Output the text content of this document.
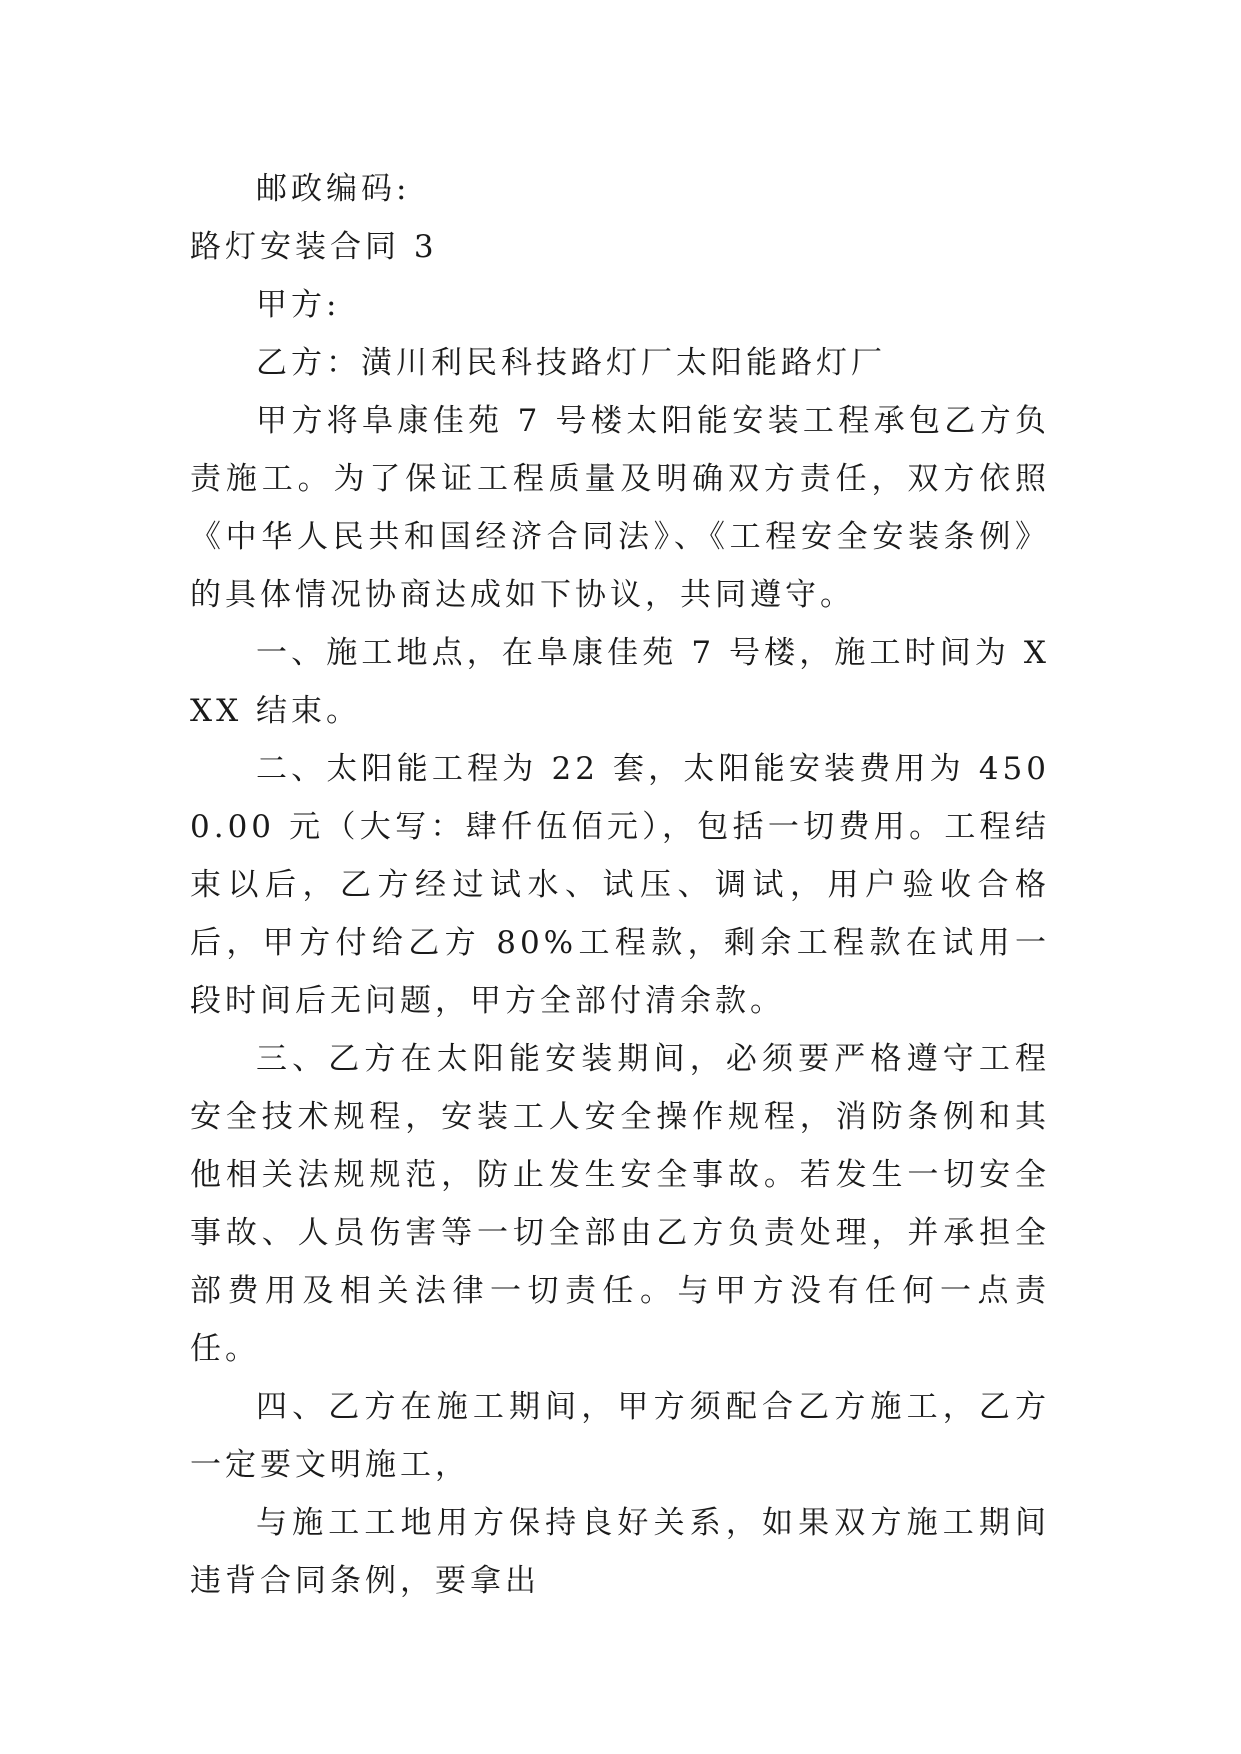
邮政编码:

路灯安装合同 3

甲方:

乙方：潢川利民科技路灯厂太阳能路灯厂

甲方将阜康佳苑 7 号楼太阳能安装工程承包乙方负责施工。为了保证工程质量及明确双方责任，双方依照《中华人民共和国经济合同法》、《工程安全安装条例》的具体情况协商达成如下协议，共同遵守。

一、施工地点，在阜康佳苑 7 号楼，施工时间为 XXX 结束。

二、太阳能工程为 22 套，太阳能安装费用为 4500.00 元（大写：肆仟伍佰元），包括一切费用。工程结束以后，乙方经过试水、试压、调试，用户验收合格后，甲方付给乙方 80%工程款，剩余工程款在试用一段时间后无问题，甲方全部付清余款。

三、乙方在太阳能安装期间，必须要严格遵守工程安全技术规程，安装工人安全操作规程，消防条例和其他相关法规规范，防止发生安全事故。若发生一切安全事故、人员伤害等一切全部由乙方负责处理，并承担全部费用及相关法律一切责任。与甲方没有任何一点责任。

四、乙方在施工期间，甲方须配合乙方施工，乙方一定要文明施工，

与施工工地用方保持良好关系，如果双方施工期间违背合同条例，要拿出
